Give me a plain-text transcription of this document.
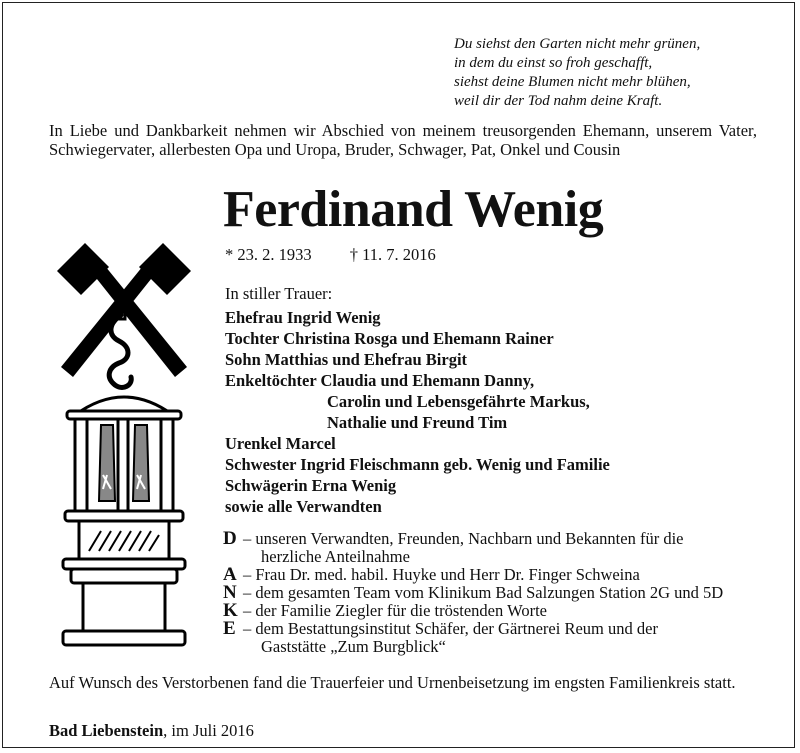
Du siehst den Garten nicht mehr grünen,
in dem du einst so froh geschafft,
siehst deine Blumen nicht mehr blühen,
weil dir der Tod nahm deine Kraft.
In Liebe und Dankbarkeit nehmen wir Abschied von meinem treusorgenden Ehemann, unserem Vater, Schwiegervater, allerbesten Opa und Uropa, Bruder, Schwager, Pat, Onkel und Cousin
Ferdinand Wenig
* 23. 2. 1933 † 11. 7. 2016
In stiller Trauer:
Ehefrau Ingrid Wenig
Tochter Christina Rosga und Ehemann Rainer
Sohn Matthias und Ehefrau Birgit
Enkeltöchter Claudia und Ehemann Danny,
Carolin und Lebensgefährte Markus,
Nathalie und Freund Tim
Urenkel Marcel
Schwester Ingrid Fleischmann geb. Wenig und Familie
Schwägerin Erna Wenig
sowie alle Verwandten
D – unseren Verwandten, Freunden, Nachbarn und Bekannten für die
herzliche Anteilnahme
A – Frau Dr. med. habil. Huyke und Herr Dr. Finger Schweina
N – dem gesamten Team vom Klinikum Bad Salzungen Station 2G und 5D
K – der Familie Ziegler für die tröstenden Worte
E – dem Bestattungsinstitut Schäfer, der Gärtnerei Reum und der
Gaststätte „Zum Burgblick“
Auf Wunsch des Verstorbenen fand die Trauerfeier und Urnenbeisetzung im engsten Familienkreis statt.
Bad Liebenstein, im Juli 2016
